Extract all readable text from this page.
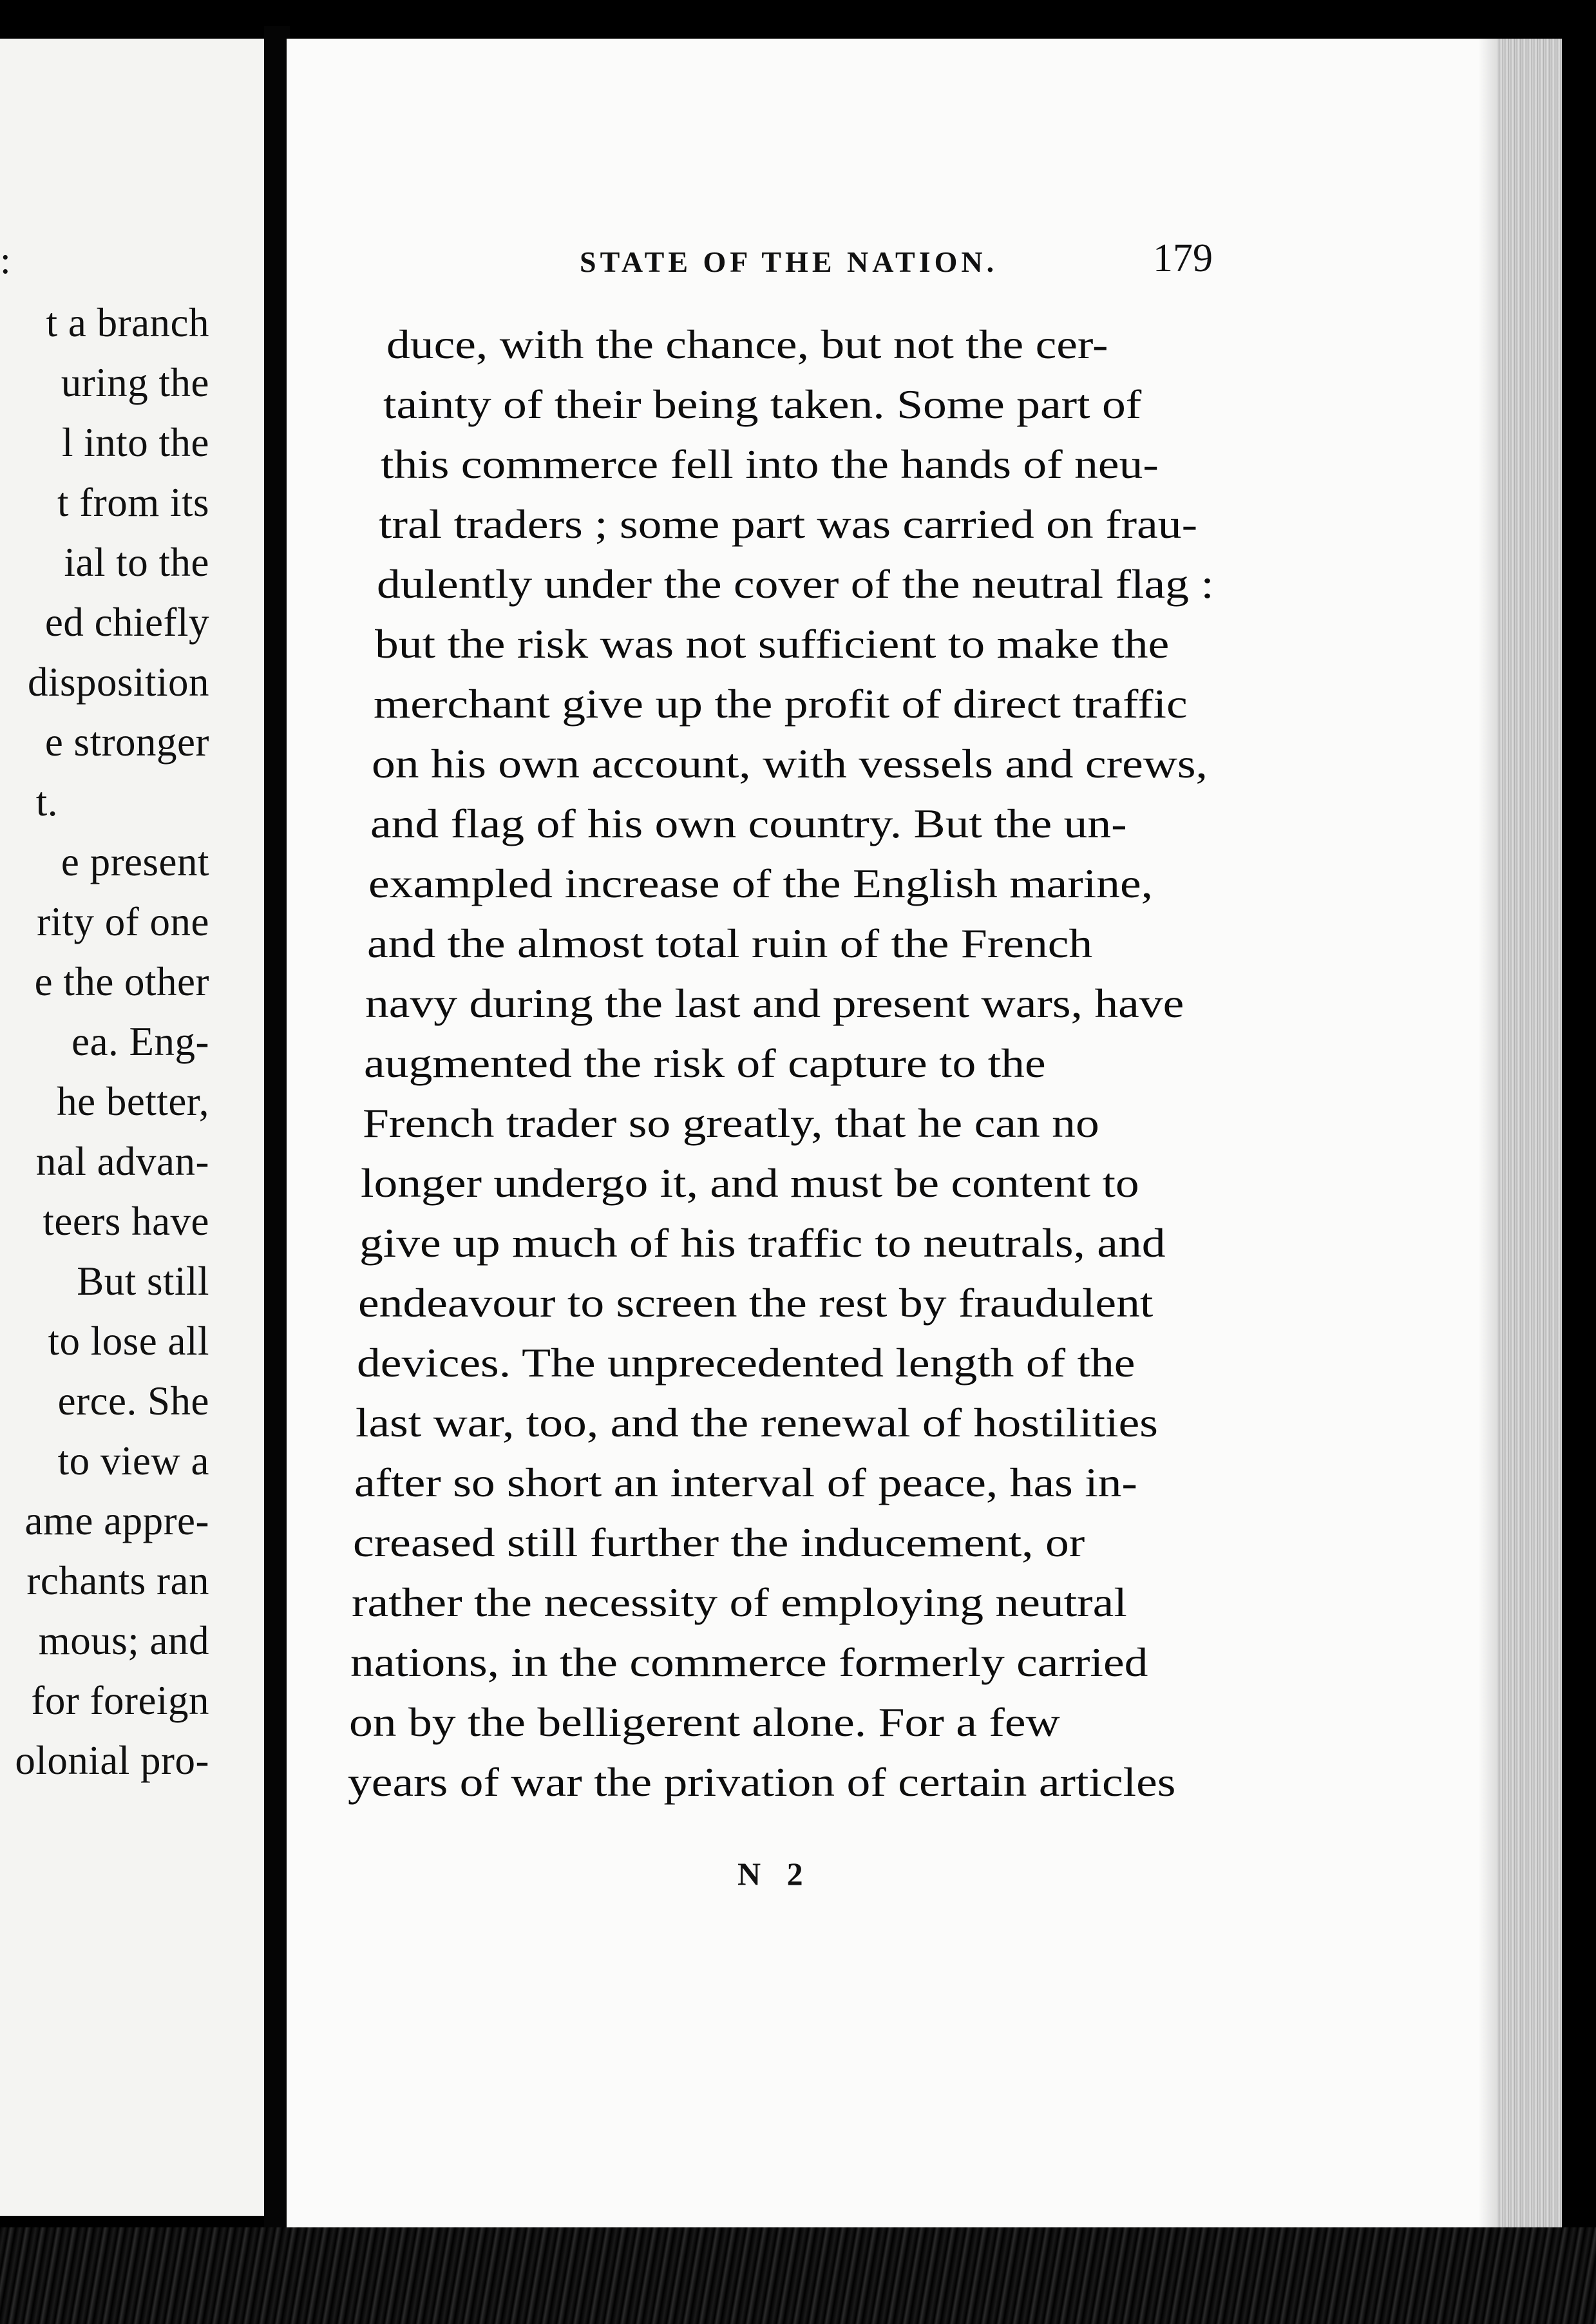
:
t a branch
uring the
l into the
t from its
ial to the
ed chiefly
disposition
e stronger
t.
e present
rity of one
e the other
ea. Eng-
he better,
nal advan-
teers have
But still
to lose all
erce. She
to view a
ame appre-
rchants ran
mous; and
for foreign
olonial pro-
STATE OF THE NATION.	179
duce, with the chance, but not the cer-
tainty of their being taken. Some part of
this commerce fell into the hands of neu-
tral traders ; some part was carried on frau-
dulently under the cover of the neutral flag :
but the risk was not sufficient to make the
merchant give up the profit of direct traffic
on his own account, with vessels and crews,
and flag of his own country. But the un-
exampled increase of the English marine,
and the almost total ruin of the French
navy during the last and present wars, have
augmented the risk of capture to the
French trader so greatly, that he can no
longer undergo it, and must be content to
give up much of his traffic to neutrals, and
endeavour to screen the rest by fraudulent
devices. The unprecedented length of the
last war, too, and the renewal of hostilities
after so short an interval of peace, has in-
creased still further the inducement, or
rather the necessity of employing neutral
nations, in the commerce formerly carried
on by the belligerent alone. For a few
years of war the privation of certain articles
N 2
